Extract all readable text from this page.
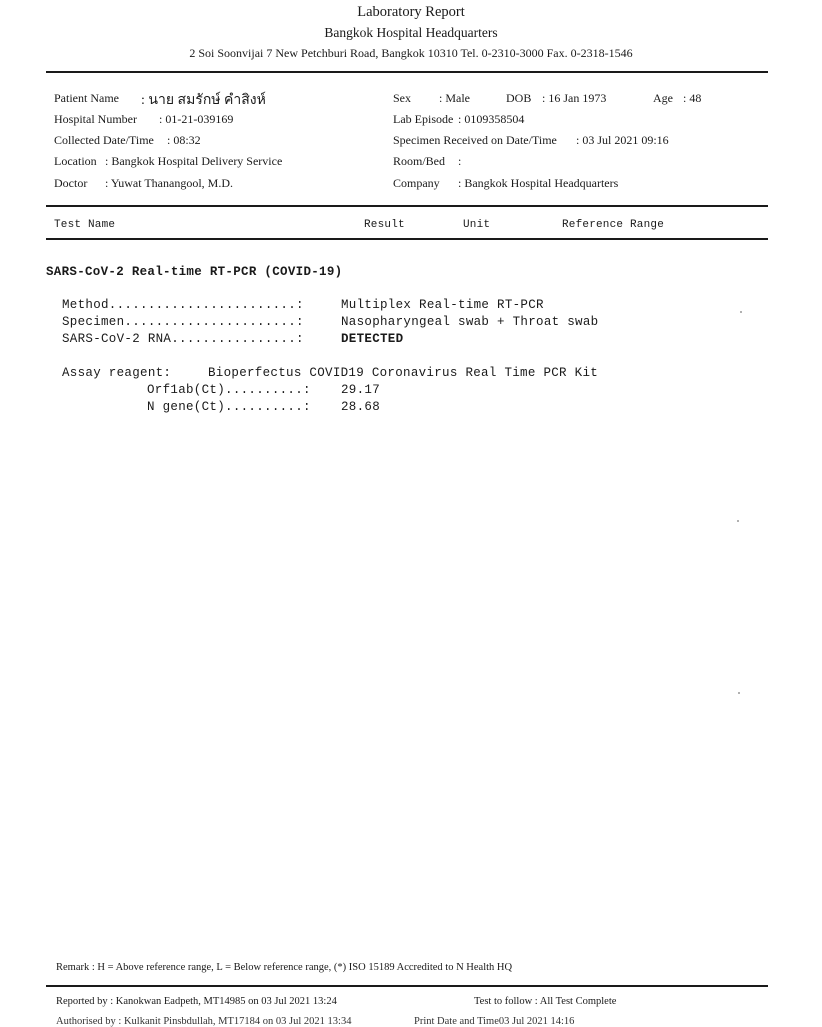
Laboratory Report
Bangkok Hospital Headquarters
2 Soi Soonvijai 7 New Petchburi Road, Bangkok 10310 Tel. 0-2310-3000 Fax. 0-2318-1546
Patient Name : นาย สมรักษ์ คำสิงห์
Hospital Number : 01-21-039169
Collected Date/Time : 08:32
Location : Bangkok Hospital Delivery Service
Doctor : Yuwat Thanangool, M.D.
Sex : Male	DOB : 16 Jan 1973	Age : 48
Lab Episode : 0109358504
Specimen Received on Date/Time : 03 Jul 2021 09:16
Room/Bed :
Company : Bangkok Hospital Headquarters
Test Name	Result	Unit	Reference Range
SARS-CoV-2 Real-time RT-PCR (COVID-19)
Method........................:	Multiplex Real-time RT-PCR
Specimen......................:	Nasopharyngeal swab + Throat swab
SARS-CoV-2 RNA................:	DETECTED
Assay reagent:	Bioperfectus COVID19 Coronavirus Real Time PCR Kit
Orf1ab(Ct)..........: 29.17
N gene(Ct)..........: 28.68
Remark : H = Above reference range, L = Below reference range, (*) ISO 15189 Accredited to N Health HQ
Reported by : Kanokwan Eadpeth, MT14985 on 03 Jul 2021 13:24	Test to follow : All Test Complete
Authorised by : Kulkanit Pinsbdullah, MT17184 on 03 Jul 2021 13:34	Print Date and Time03 Jul 2021 14:16
